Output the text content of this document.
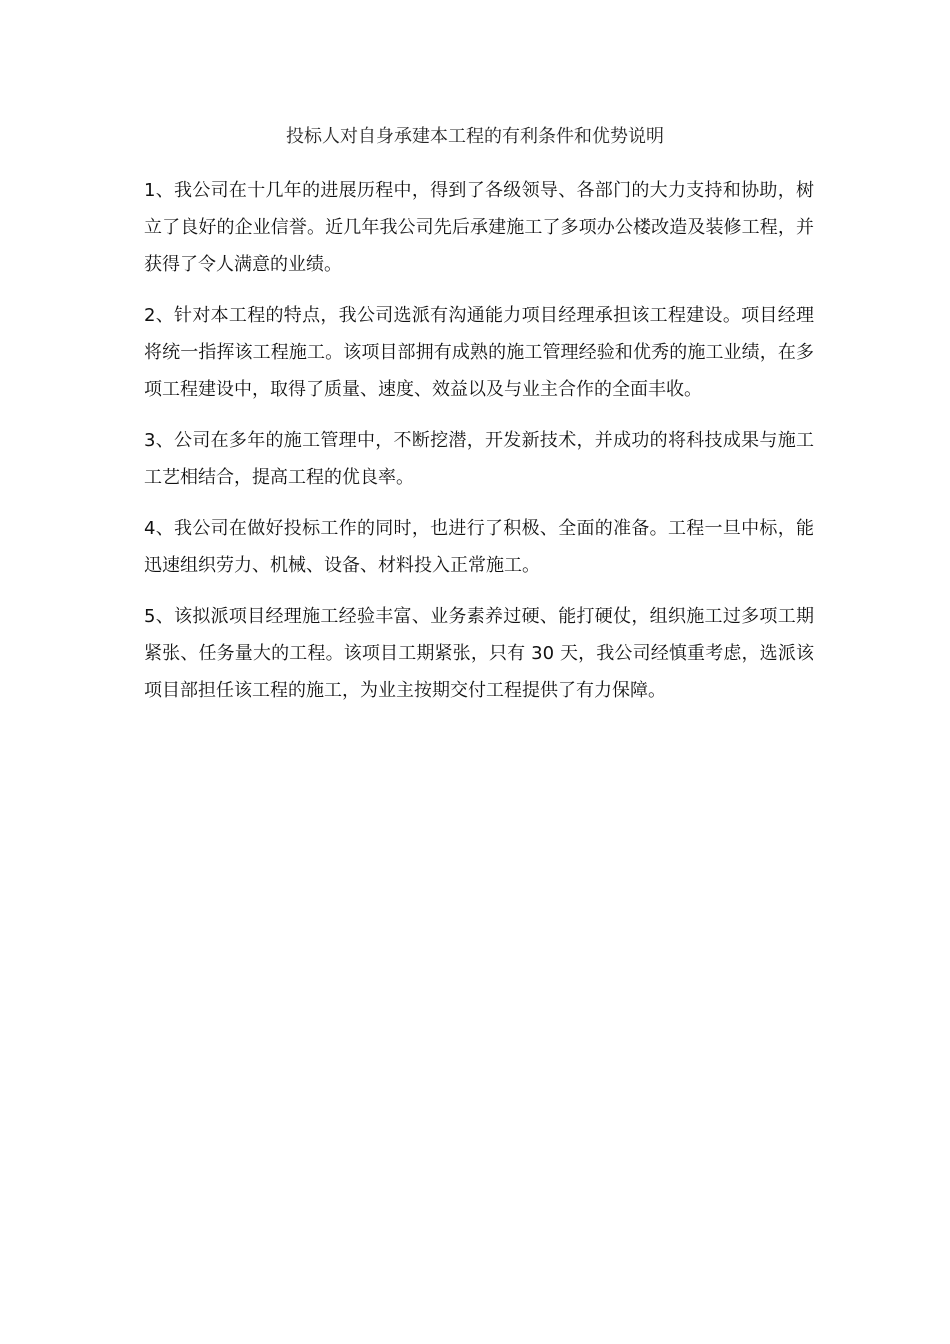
投标人对自身承建本工程的有利条件和优势说明

1、我公司在十几年的进展历程中，得到了各级领导、各部门的大力支持和协助，树立了良好的企业信誉。近几年我公司先后承建施工了多项办公楼改造及装修工程，并获得了令人满意的业绩。

2、针对本工程的特点，我公司选派有沟通能力项目经理承担该工程建设。项目经理将统一指挥该工程施工。该项目部拥有成熟的施工管理经验和优秀的施工业绩，在多项工程建设中，取得了质量、速度、效益以及与业主合作的全面丰收。

3、公司在多年的施工管理中，不断挖潜，开发新技术，并成功的将科技成果与施工工艺相结合，提高工程的优良率。

4、我公司在做好投标工作的同时，也进行了积极、全面的准备。工程一旦中标，能迅速组织劳力、机械、设备、材料投入正常施工。

5、该拟派项目经理施工经验丰富、业务素养过硬、能打硬仗，组织施工过多项工期紧张、任务量大的工程。该项目工期紧张，只有 30 天，我公司经慎重考虑，选派该项目部担任该工程的施工，为业主按期交付工程提供了有力保障。
